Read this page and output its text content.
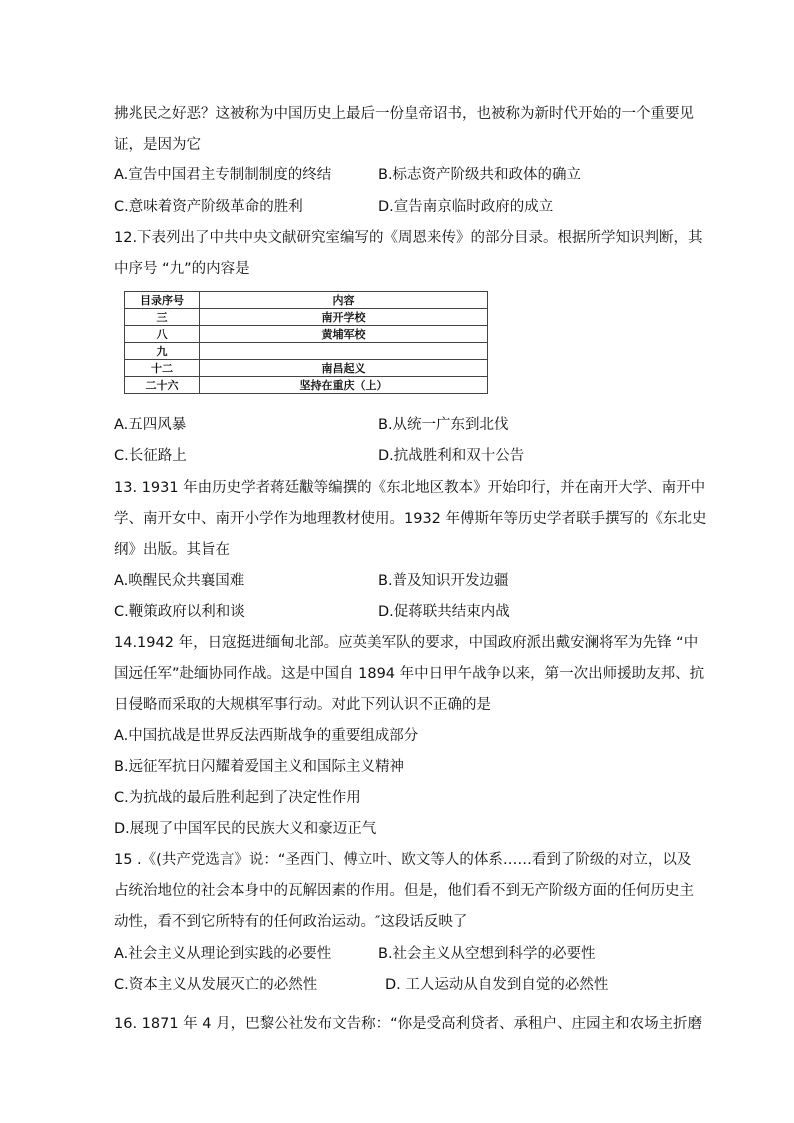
拂兆民之好恶？这被称为中国历史上最后一份皇帝诏书，也被称为新时代开始的一个重要见
证，是因为它
A.宣告中国君主专制制制度的终结	B.标志资产阶级共和政体的确立
C.意味着资产阶级革命的胜利	D.宣告南京临时政府的成立
12.下表列出了中共中央文献研究室编写的《周恩来传》的部分目录。根据所学知识判断，其
中序号 “九”的内容是
目录序号	内容
三	南开学校
八	黄埔军校
九	
十二	南昌起义
二十六	坚持在重庆（上）
A.五四风暴	B.从统一广东到北伐
C.长征路上	D.抗战胜利和双十公告
13. 1931 年由历史学者蒋廷黻等编撰的《东北地区教本》开始印行，并在南开大学、南开中
学、南开女中、南开小学作为地理教材使用。1932 年傅斯年等历史学者联手撰写的《东北史
纲》出版。其旨在
A.唤醒民众共襄国难	B.普及知识开发边疆
C.鞭策政府以利和谈	D.促蒋联共结束内战
14.1942 年，日寇挺进缅甸北部。应英美军队的要求，中国政府派出戴安澜将军为先锋 “中
国远任军”赴缅协同作战。这是中国自 1894 年中日甲午战争以来，第一次出师援助友邦、抗
日侵略而采取的大规棋军事行动。对此下列认识不正确的是
A.中国抗战是世界反法西斯战争的重要组成部分
B.远征军抗日闪耀着爱国主义和国际主义精神
C.为抗战的最后胜利起到了决定性作用
D.展现了中国军民的民族大义和豪迈正气
15 .《(共产党选言》说：“圣西门、傅立叶、欧文等人的体系……看到了阶级的对立，以及
占统治地位的社会本身中的瓦解因素的作用。但是，他们看不到无产阶级方面的任何历史主
动性，看不到它所特有的任何政治运动。″这段话反映了
A.社会主义从理论到实践的必要性	B.社会主义从空想到科学的必要性
C.资本主义从发展灭亡的必然性	D. 工人运动从自发到自觉的必然性
16. 1871 年 4 月，巴黎公社发布文告称：“你是受高利贷者、承租户、庄园主和农场主折磨
